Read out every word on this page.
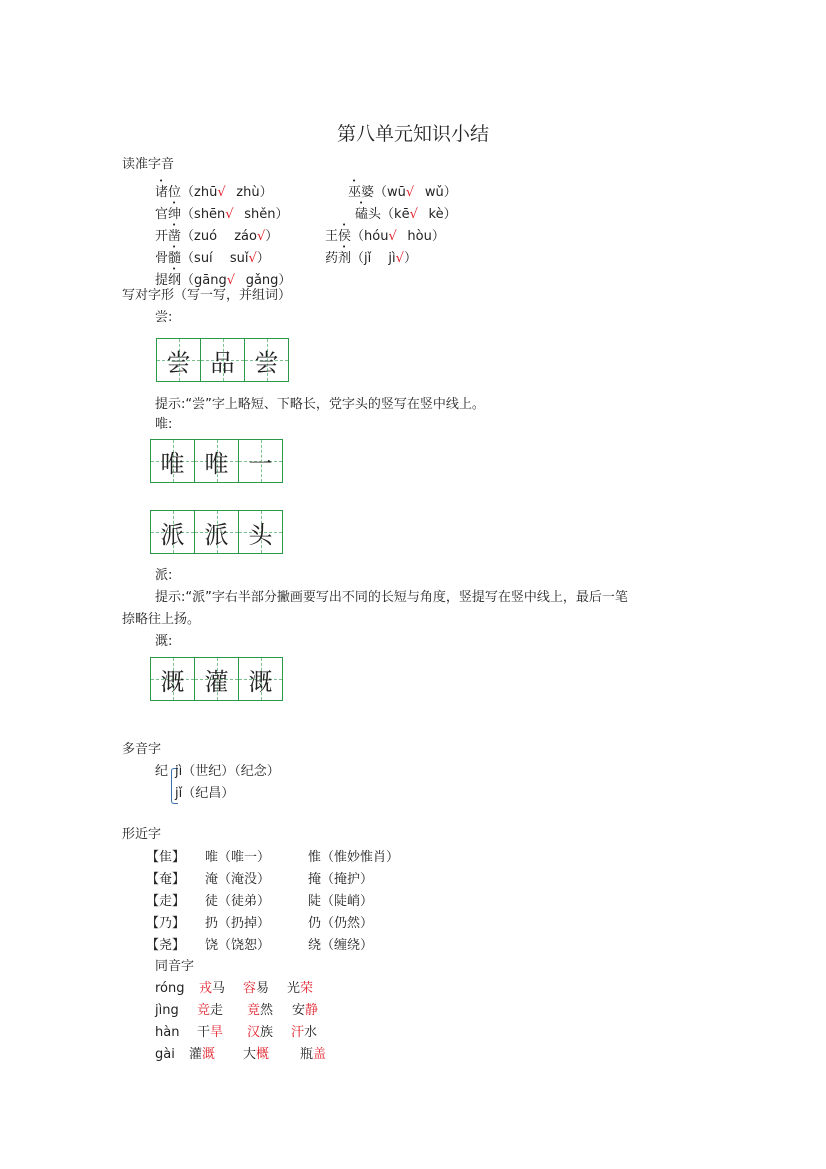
第八单元知识小结
读准字音
诸位（zhū√  zhù）	巫婆（wū√  wǔ）
官绅（shēn√  shěn）	磕头（kē√  kè）
开凿（zuó  záo√）	王侯（hóu√  hòu）
骨髓（suí  suǐ√）	药剂（jǐ  jì√）
提纲（gāng√  gǎng）
写对字形（写一写，并组词）
尝:
尝 品 尝
提示:“尝”字上略短、下略长，党字头的竖写在竖中线上。
唯:
唯 唯 一
派 派 头
派:
提示:“派”字右半部分撇画要写出不同的长短与角度，竖提写在竖中线上，最后一笔
捺略往上扬。
溉:
溉 灌 溉
多音字
纪 jì（世纪）（纪念）
jǐ（纪昌）
形近字
【隹】 唯（唯一）	惟（惟妙惟肖）
【奄】 淹（淹没）	掩（掩护）
【走】 徒（徒弟）	陡（陡峭）
【乃】 扔（扔掉）	仍（仍然）
【尧】 饶（饶恕）	绕（缠绕）
同音字
róng 戎马 容易 光荣
jìng 竞走 竟然 安静
hàn 干旱 汉族 汗水
gài 灌溉 大概 瓶盖
